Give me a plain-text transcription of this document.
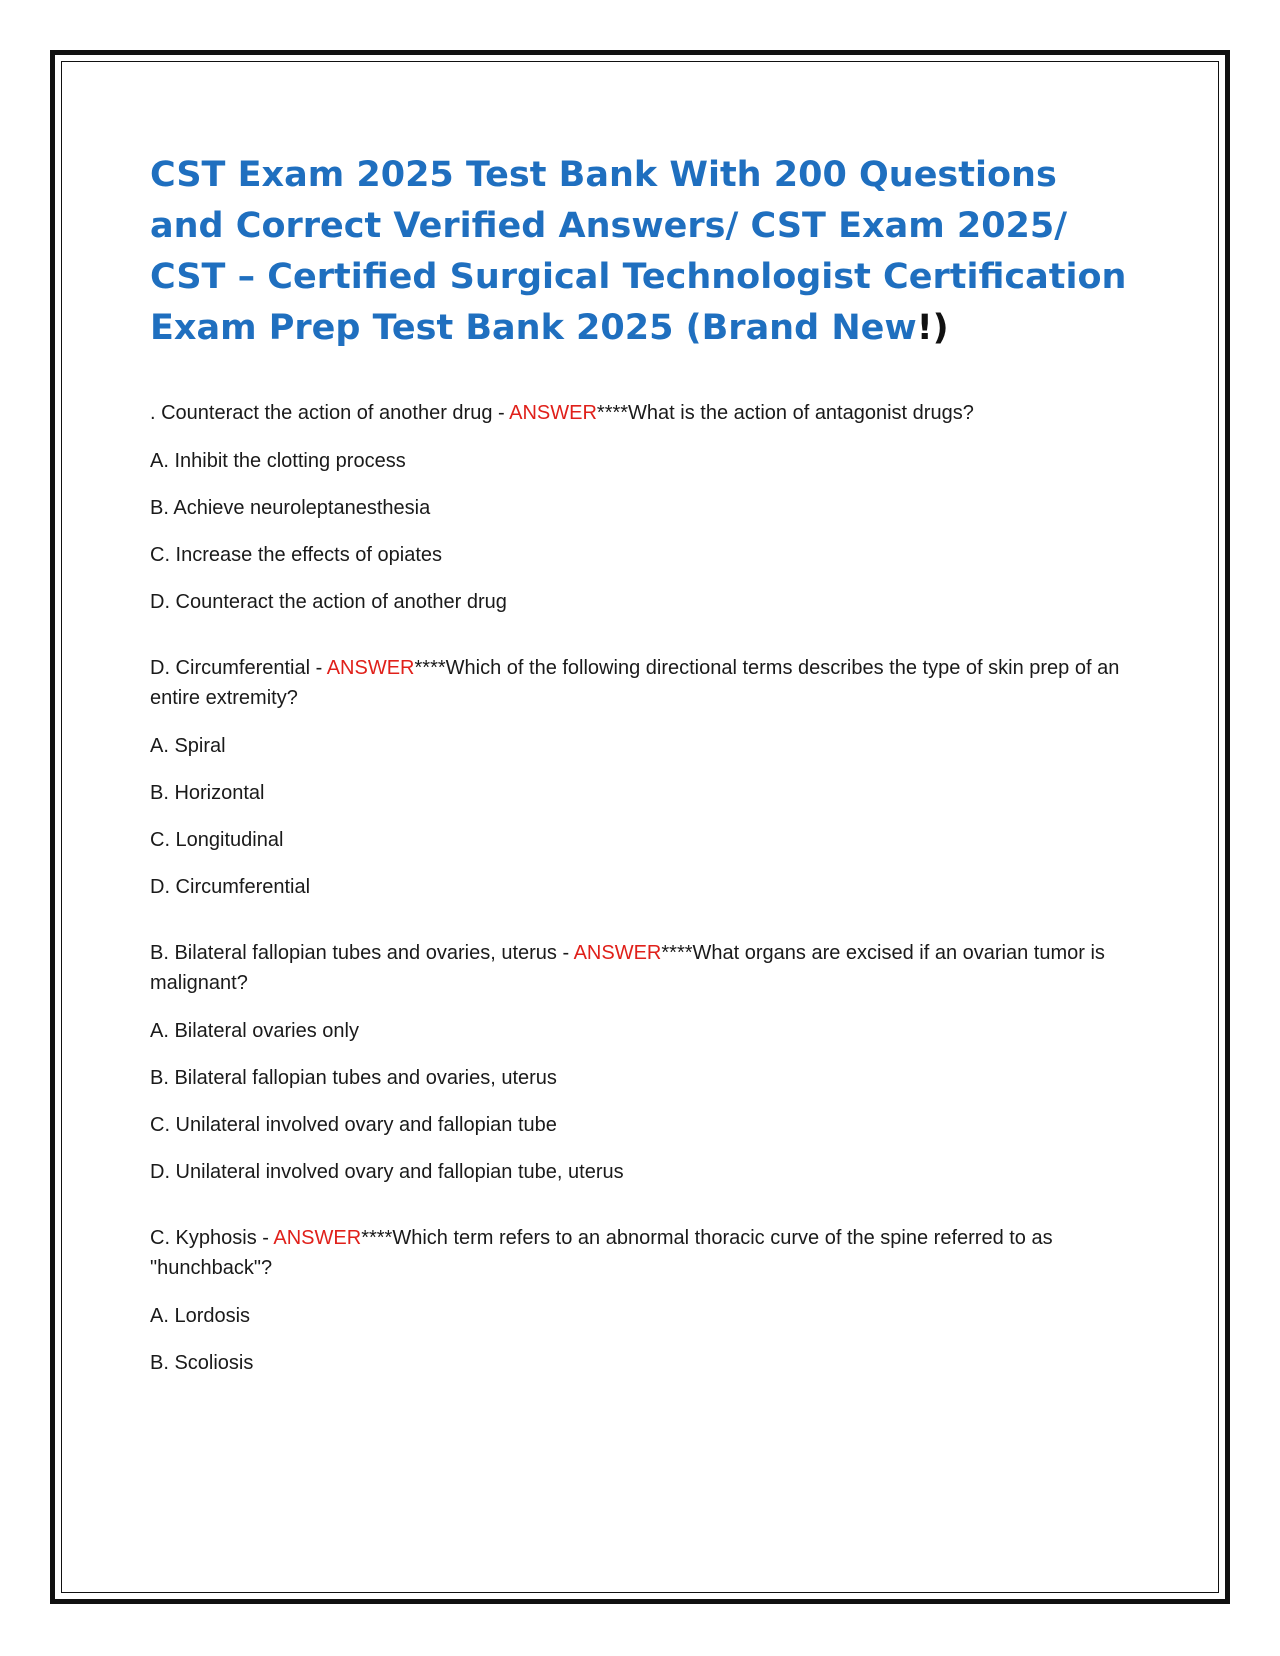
CST Exam 2025 Test Bank With 200 Questions and Correct Verified Answers/ CST Exam 2025/ CST – Certified Surgical Technologist Certification Exam Prep Test Bank 2025 (Brand New!)
. Counteract the action of another drug - ANSWER****What is the action of antagonist drugs?
A. Inhibit the clotting process
B. Achieve neuroleptanesthesia
C. Increase the effects of opiates
D. Counteract the action of another drug
D. Circumferential - ANSWER****Which of the following directional terms describes the type of skin prep of an entire extremity?
A. Spiral
B. Horizontal
C. Longitudinal
D. Circumferential
B. Bilateral fallopian tubes and ovaries, uterus - ANSWER****What organs are excised if an ovarian tumor is malignant?
A. Bilateral ovaries only
B. Bilateral fallopian tubes and ovaries, uterus
C. Unilateral involved ovary and fallopian tube
D. Unilateral involved ovary and fallopian tube, uterus
C. Kyphosis - ANSWER****Which term refers to an abnormal thoracic curve of the spine referred to as "hunchback"?
A. Lordosis
B. Scoliosis
